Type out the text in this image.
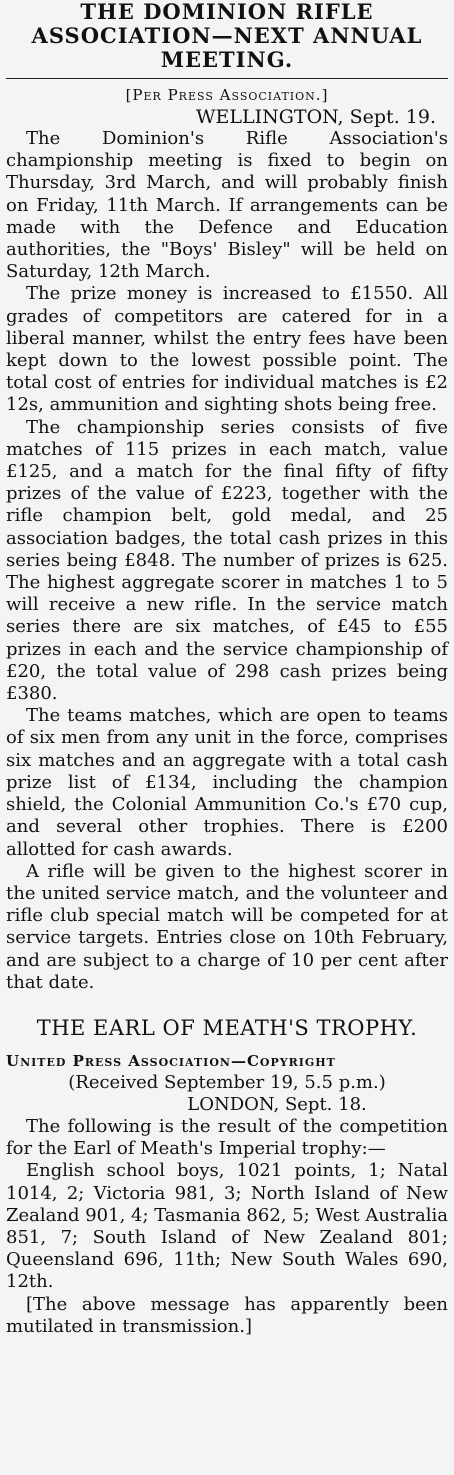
THE DOMINION RIFLE ASSOCIATION—NEXT ANNUAL MEETING.

[Per Press Association.]

WELLINGTON, Sept. 19.

The Dominion's Rifle Association's championship meeting is fixed to begin on Thursday, 3rd March, and will probably finish on Friday, 11th March. If arrangements can be made with the Defence and Education authorities, the "Boys' Bisley" will be held on Saturday, 12th March.

The prize money is increased to £1550. All grades of competitors are catered for in a liberal manner, whilst the entry fees have been kept down to the lowest possible point. The total cost of entries for individual matches is £2 12s, ammunition and sighting shots being free.

The championship series consists of five matches of 115 prizes in each match, value £125, and a match for the final fifty of fifty prizes of the value of £223, together with the rifle champion belt, gold medal, and 25 association badges, the total cash prizes in this series being £848. The number of prizes is 625. The highest aggregate scorer in matches 1 to 5 will receive a new rifle. In the service match series there are six matches, of £45 to £55 prizes in each and the service championship of £20, the total value of 298 cash prizes being £380.

The teams matches, which are open to teams of six men from any unit in the force, comprises six matches and an aggregate with a total cash prize list of £134, including the champion shield, the Colonial Ammunition Co.'s £70 cup, and several other trophies. There is £200 allotted for cash awards.

A rifle will be given to the highest scorer in the united service match, and the volunteer and rifle club special match will be competed for at service targets. Entries close on 10th February, and are subject to a charge of 10 per cent after that date.

THE EARL OF MEATH'S TROPHY.

United Press Association—Copyright

(Received September 19, 5.5 p.m.)

LONDON, Sept. 18.

The following is the result of the competition for the Earl of Meath's Imperial trophy:—

English school boys, 1021 points, 1; Natal 1014, 2; Victoria 981, 3; North Island of New Zealand 901, 4; Tasmania 862, 5; West Australia 851, 7; South Island of New Zealand 801; Queensland 696, 11th; New South Wales 690, 12th.

[The above message has apparently been mutilated in transmission.]
